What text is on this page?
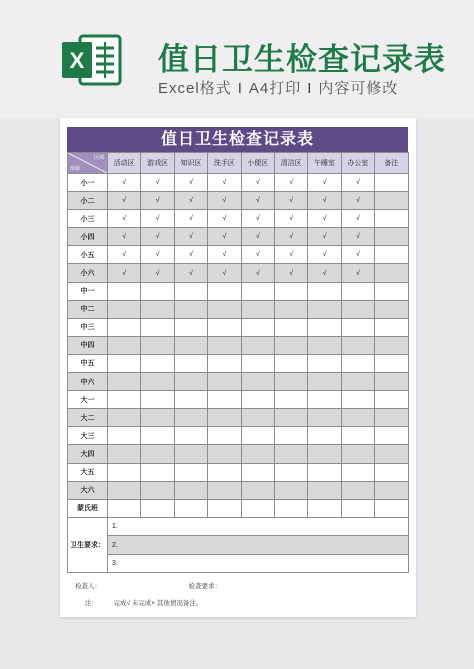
X 值日卫生检查记录表
Excel格式 I A4打印 I 内容可修改
值日卫生检查记录表
区域
班级	活动区	游戏区	知识区	洗手区	小便区	清洁区	午睡室	办公室	备注
小一	√	√	√	√	√	√	√	√	
小二	√	√	√	√	√	√	√	√	
小三	√	√	√	√	√	√	√	√	
小四	√	√	√	√	√	√	√	√	
小五	√	√	√	√	√	√	√	√	
小六	√	√	√	√	√	√	√	√	
中一									
中二									
中三									
中四									
中五									
中六									
大一									
大二									
大三									
大四									
大五									
大六									
蒙氏班									
卫生要求：	1.								
	2.								
	3.								
检查人：	检查要求：
注： 完成√ 未完成× 其他情况备注。
